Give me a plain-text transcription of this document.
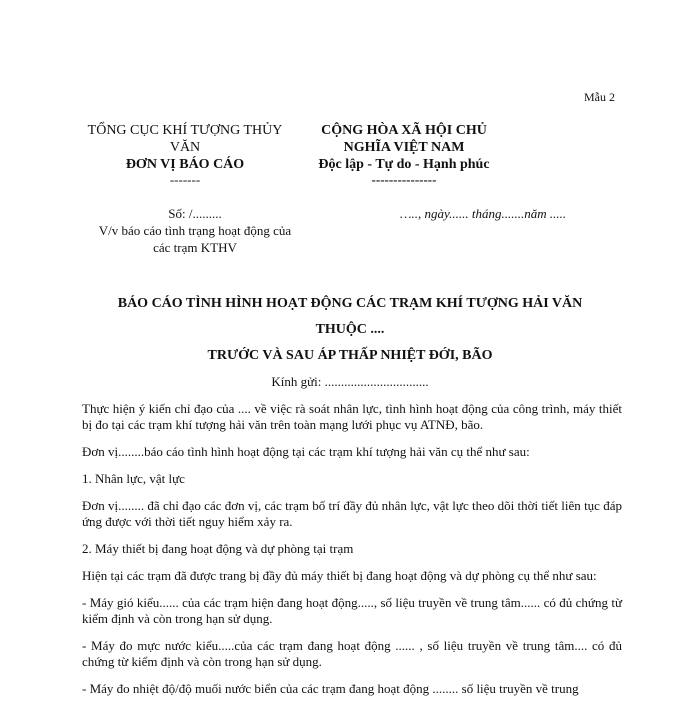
Mẫu 2
TỔNG CỤC KHÍ TƯỢNG THỦY VĂN
ĐƠN VỊ BÁO CÁO
-------
CỘNG HÒA XÃ HỘI CHỦ NGHĨA VIỆT NAM
Độc lập - Tự do - Hạnh phúc
---------------
Số: /.........
V/v báo cáo tình trạng hoạt động của các trạm KTHV
….., ngày...... tháng.......năm .....
BÁO CÁO TÌNH HÌNH HOẠT ĐỘNG CÁC TRẠM KHÍ TƯỢNG HẢI VĂN
THUỘC ....
TRƯỚC VÀ SAU ÁP THẤP NHIỆT ĐỚI, BÃO
Kính gửi: ................................

Thực hiện ý kiến chỉ đạo của .... về việc rà soát nhân lực, tình hình hoạt động của công trình, máy thiết bị đo tại các trạm khí tượng hải văn trên toàn mạng lưới phục vụ ATNĐ, bão.

Đơn vị........báo cáo tình hình hoạt động tại các trạm khí tượng hải văn cụ thể như sau:

1. Nhân lực, vật lực

Đơn vị........ đã chỉ đạo các đơn vị, các trạm bố trí đầy đủ nhân lực, vật lực theo dõi thời tiết liên tục đáp ứng được với thời tiết nguy hiểm xảy ra.

2. Máy thiết bị đang hoạt động và dự phòng tại trạm

Hiện tại các trạm đã được trang bị đầy đủ máy thiết bị đang hoạt động và dự phòng cụ thể như sau:

- Máy gió kiểu...... của các trạm hiện đang hoạt động....., số liệu truyền về trung tâm...... có đủ chứng từ kiểm định và còn trong hạn sử dụng.

- Máy đo mực nước kiểu.....của các trạm đang hoạt động ...... , số liệu truyền về trung tâm.... có đủ chứng từ kiểm định và còn trong hạn sử dụng.

- Máy đo nhiệt độ/độ muối nước biển của các trạm đang hoạt động ........ số liệu truyền về trung
